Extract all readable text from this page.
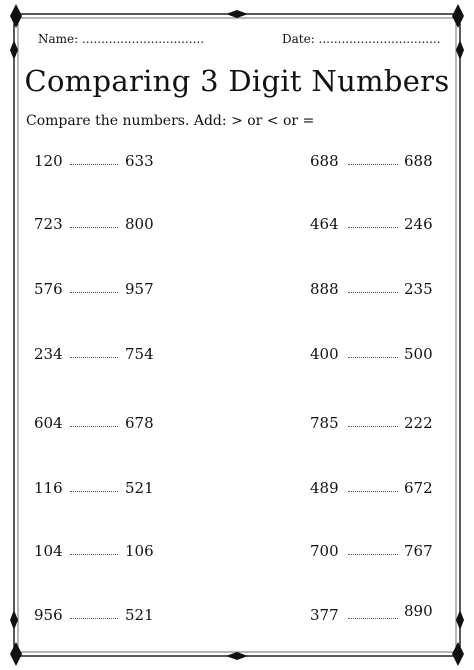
Name: ................................	Date: ................................
Comparing 3 Digit Numbers
Compare the numbers. Add: > or < or =
120	633
723	800
576	957
234	754
604	678
116	521
104	106
956	521
688	688
464	246
888	235
400	500
785	222
489	672
700	767
377	890
